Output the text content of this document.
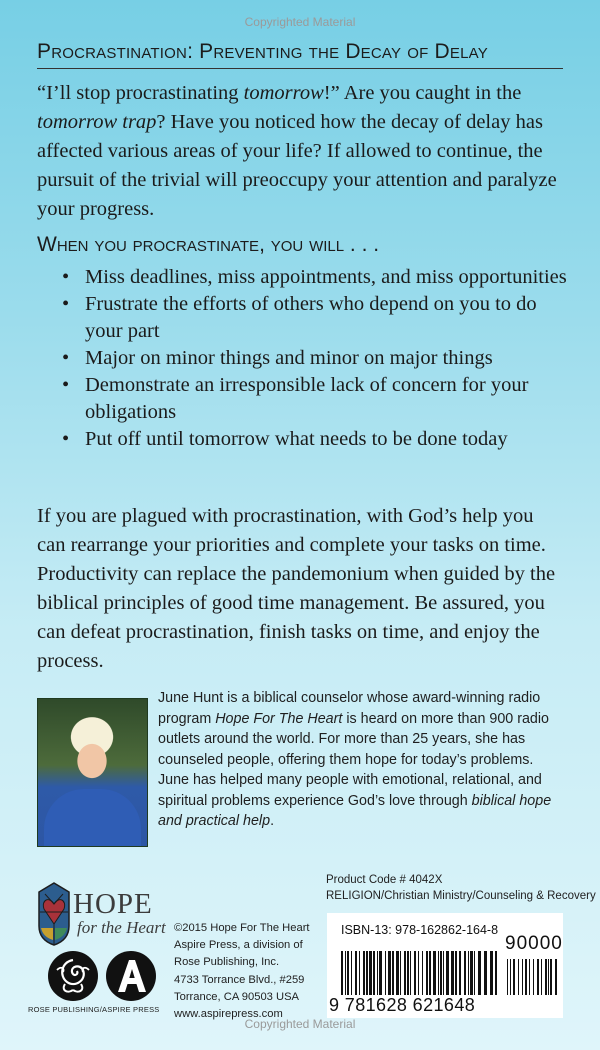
Copyrighted Material
Procrastination: Preventing the Decay of Delay

“I’ll stop procrastinating tomorrow!” Are you caught in the tomorrow trap? Have you noticed how the decay of delay has affected various areas of your life? If allowed to continue, the pursuit of the trivial will preoccupy your attention and paralyze your progress.

When you procrastinate, you will . . .
• Miss deadlines, miss appointments, and miss opportunities
• Frustrate the efforts of others who depend on you to do your part
• Major on minor things and minor on major things
• Demonstrate an irresponsible lack of concern for your obligations
• Put off until tomorrow what needs to be done today

If you are plagued with procrastination, with God’s help you can rearrange your priorities and complete your tasks on time. Productivity can replace the pandemonium when guided by the biblical principles of good time management. Be assured, you can defeat procrastination, finish tasks on time, and enjoy the process.

June Hunt is a biblical counselor whose award-winning radio program Hope For The Heart is heard on more than 900 radio outlets around the world. For more than 25 years, she has counseled people, offering them hope for today’s problems. June has helped many people with emotional, relational, and spiritual problems experience God’s love through biblical hope and practical help.

Product Code # 4042X
RELIGION/Christian Ministry/Counseling & Recovery

HOPE
for the Heart
ROSE PUBLISHING/ASPIRE PRESS

©2015 Hope For The Heart
Aspire Press, a division of
Rose Publishing, Inc.
4733 Torrance Blvd., #259
Torrance, CA 90503 USA
www.aspirepress.com

ISBN-13: 978-162862-164-8
90000
9 781628 621648
Copyrighted Material
